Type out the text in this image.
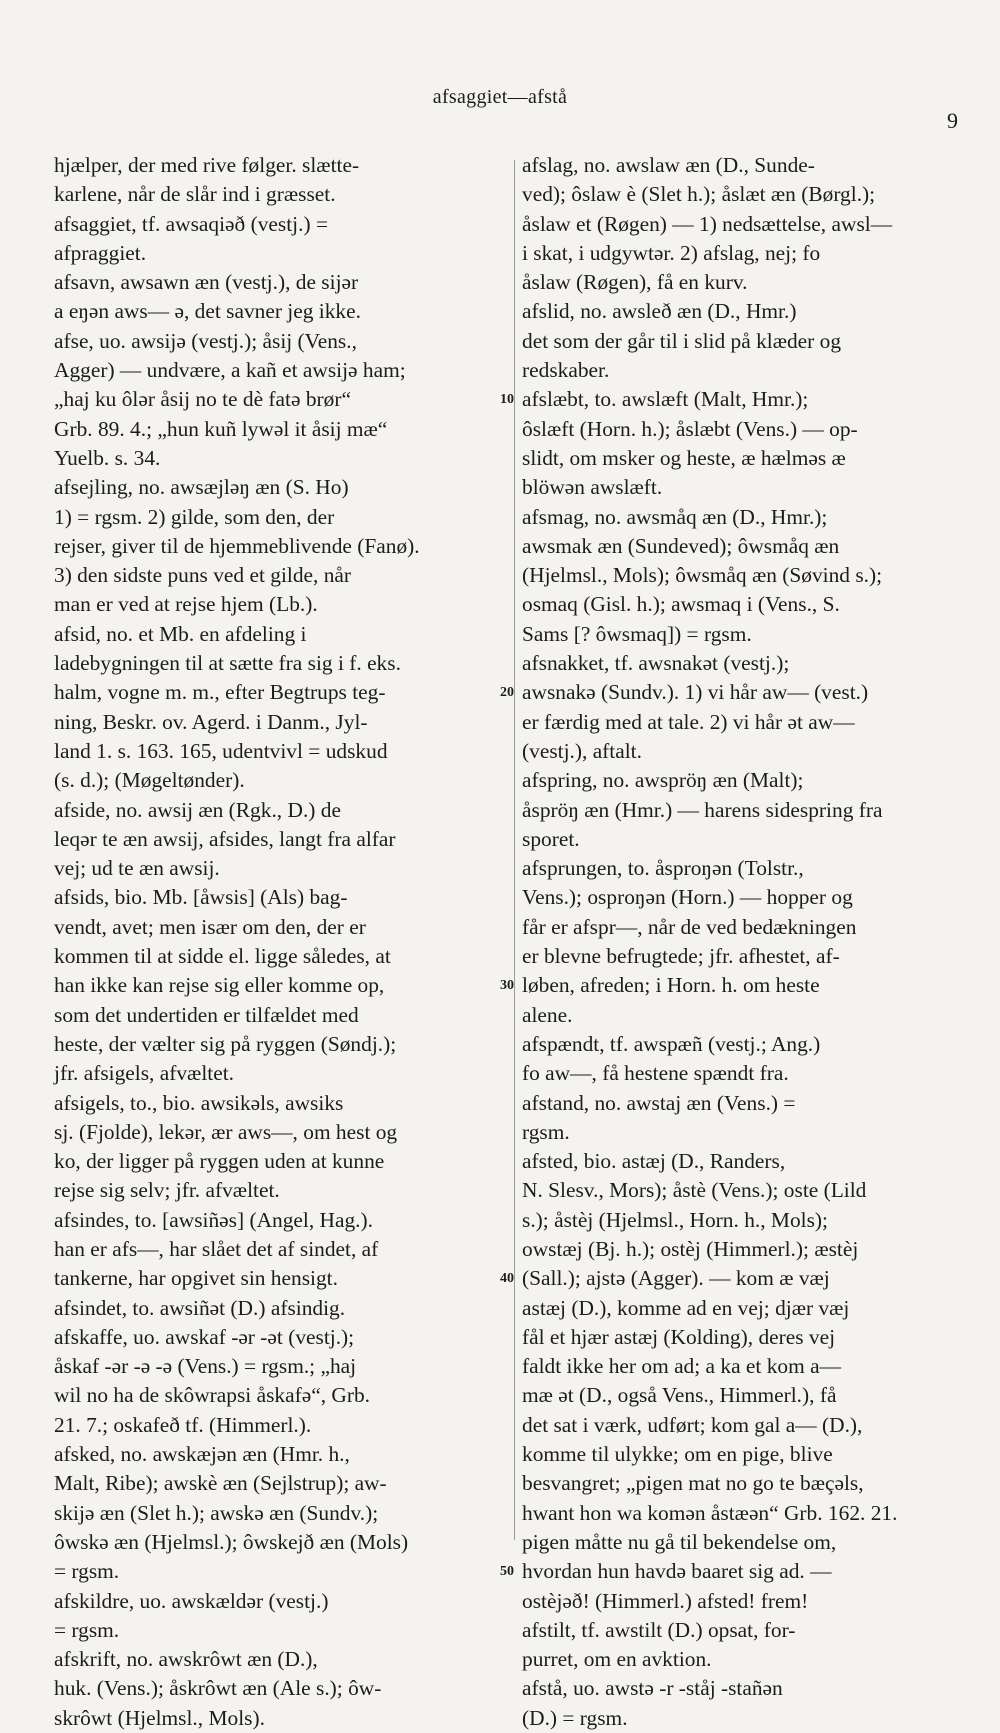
afsaggiet—afstå
9
hjælper, der med rive følger. slætte-
karlene, når de slår ind i græsset.
afsaggiet, tf. awsaqiəð (vestj.) =
afpraggiet.
afsavn, awsawn æn (vestj.), de sijər
a eŋən aws— ə, det savner jeg ikke.
afse, uo. awsijə (vestj.); åsij (Vens.,
Agger) — undvære, a kañ et awsijə ham;
„haj ku ôlər åsij no te dè fatə brør“
Grb. 89. 4.; „hun kuñ lywəl it åsij mæ“
Yuelb. s. 34.
afsejling, no. awsæjləŋ æn (S. Ho)
1) = rgsm. 2) gilde, som den, der
rejser, giver til de hjemmeblivende (Fanø).
3) den sidste puns ved et gilde, når
man er ved at rejse hjem (Lb.).
afsid, no. et Mb. en afdeling i
ladebygningen til at sætte fra sig i f. eks.
halm, vogne m. m., efter Begtrups teg-
ning, Beskr. ov. Agerd. i Danm., Jyl-
land 1. s. 163. 165, udentvivl = udskud
(s. d.); (Møgeltønder).
afside, no. awsij æn (Rgk., D.) de
leqər te æn awsij, afsides, langt fra alfar
vej; ud te æn awsij.
afsids, bio. Mb. [åwsis] (Als) bag-
vendt, avet; men især om den, der er
kommen til at sidde el. ligge således, at
han ikke kan rejse sig eller komme op,
som det undertiden er tilfældet med
heste, der vælter sig på ryggen (Søndj.);
jfr. afsigels, afvæltet.
afsigels, to., bio. awsikəls, awsiks
sj. (Fjolde), lekər, ær aws—, om hest og
ko, der ligger på ryggen uden at kunne
rejse sig selv; jfr. afvæltet.
afsindes, to. [awsiñəs] (Angel, Hag.).
han er afs—, har slået det af sindet, af
tankerne, har opgivet sin hensigt.
afsindet, to. awsiñət (D.) afsindig.
afskaffe, uo. awskaf -ər -ət (vestj.);
åskaf -ər -ə -ə (Vens.) = rgsm.; „haj
wil no ha de skôwrapsi åskafə“, Grb.
21. 7.; oskafeð tf. (Himmerl.).
afsked, no. awskæjən æn (Hmr. h.,
Malt, Ribe); awskè æn (Sejlstrup); aw-
skijə æn (Slet h.); awskə æn (Sundv.);
ôwskə æn (Hjelmsl.); ôwskejð æn (Mols)
= rgsm.
afskildre, uo. awskældər (vestj.)
= rgsm.
afskrift, no. awskrôwt æn (D.),
huk. (Vens.); åskrôwt æn (Ale s.); ôw-
skrôwt (Hjelmsl., Mols).
afslag, no. awslaw æn (D., Sunde-
ved); ôslaw è (Slet h.); åslæt æn (Børgl.);
åslaw et (Røgen) — 1) nedsættelse, awsl—
i skat, i udgywtər. 2) afslag, nej; fo
åslaw (Røgen), få en kurv.
afslid, no. awsleð æn (D., Hmr.)
det som der går til i slid på klæder og
redskaber.
afslæbt, to. awslæft (Malt, Hmr.);
ôslæft (Horn. h.); åslæbt (Vens.) — op-
slidt, om msker og heste, æ hælməs æ
blöwən awslæft.
afsmag, no. awsmåq æn (D., Hmr.);
awsmak æn (Sundeved); ôwsmåq æn
(Hjelmsl., Mols); ôwsmåq æn (Søvind s.);
osmaq (Gisl. h.); awsmaq i (Vens., S.
Sams [? ôwsmaq]) = rgsm.
afsnakket, tf. awsnakət (vestj.);
awsnakə (Sundv.). 1) vi hår aw— (vest.)
er færdig med at tale. 2) vi hår ət aw—
(vestj.), aftalt.
afspring, no. awspröŋ æn (Malt);
åspröŋ æn (Hmr.) — harens sidespring fra
sporet.
afsprungen, to. åsproŋən (Tolstr.,
Vens.); osproŋən (Horn.) — hopper og
får er afspr—, når de ved bedækningen
er blevne befrugtede; jfr. afhestet, af-
løben, afreden; i Horn. h. om heste
alene.
afspændt, tf. awspæñ (vestj.; Ang.)
fo aw—, få hestene spændt fra.
afstand, no. awstaj æn (Vens.) =
rgsm.
afsted, bio. astæj (D., Randers,
N. Slesv., Mors); åstè (Vens.); oste (Lild
s.); åstèj (Hjelmsl., Horn. h., Mols);
owstæj (Bj. h.); ostèj (Himmerl.); æstèj
(Sall.); ajstə (Agger). — kom æ væj
astæj (D.), komme ad en vej; djær væj
fål et hjær astæj (Kolding), deres vej
faldt ikke her om ad; a ka et kom a—
mæ ət (D., også Vens., Himmerl.), få
det sat i værk, udført; kom gal a— (D.),
komme til ulykke; om en pige, blive
besvangret; „pigen mat no go te bæçəls,
hwant hon wa komən åstæən“ Grb. 162. 21.
pigen måtte nu gå til bekendelse om,
hvordan hun havdə baaret sig ad. —
ostèjəð! (Himmerl.) afsted! frem!
afstilt, tf. awstilt (D.) opsat, for-
purret, om en avktion.
afstå, uo. awstə -r -ståj -stañən
(D.) = rgsm.
10
20
30
40
50
